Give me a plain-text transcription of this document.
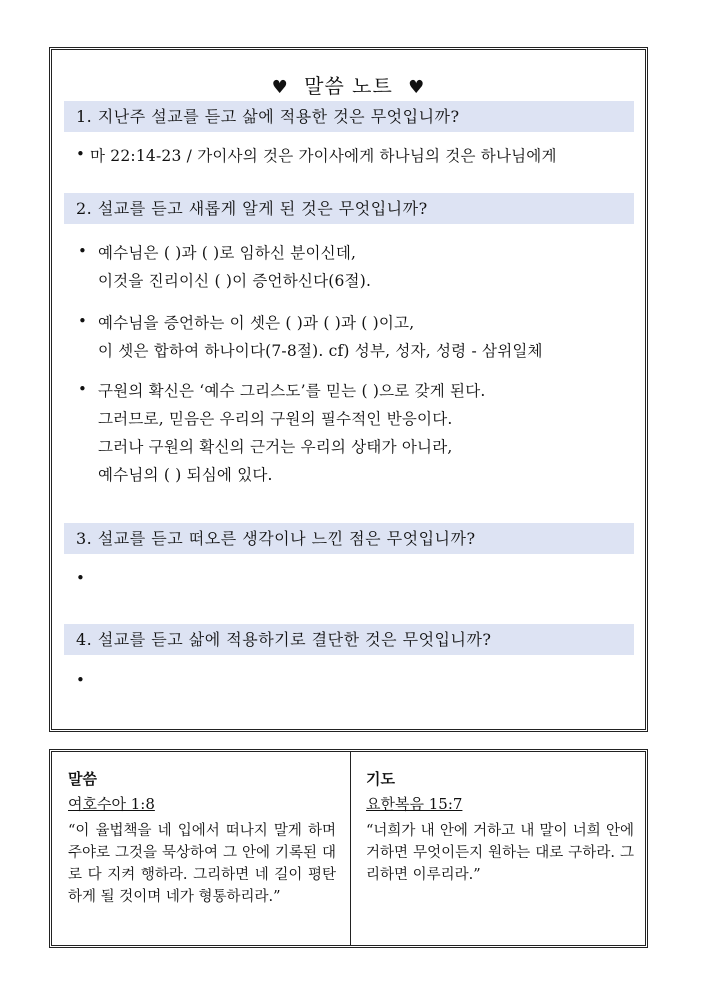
♥ 말씀 노트 ♥
1. 지난주 설교를 듣고 삶에 적용한 것은 무엇입니까?
• 마 22:14-23 / 가이사의 것은 가이사에게 하나님의 것은 하나님에게
2. 설교를 듣고 새롭게 알게 된 것은 무엇입니까?
• 예수님은 ( )과 ( )로 임하신 분이신데,
이것을 진리이신 ( )이 증언하신다(6절).
• 예수님을 증언하는 이 셋은 ( )과 ( )과 ( )이고,
이 셋은 합하여 하나이다(7-8절). cf) 성부, 성자, 성령 - 삼위일체
• 구원의 확신은 ‘예수 그리스도’를 믿는 ( )으로 갖게 된다.
그러므로, 믿음은 우리의 구원의 필수적인 반응이다.
그러나 구원의 확신의 근거는 우리의 상태가 아니라,
예수님의 ( ) 되심에 있다.
3. 설교를 듣고 떠오른 생각이나 느낀 점은 무엇입니까?
•
4. 설교를 듣고 삶에 적용하기로 결단한 것은 무엇입니까?
•

말씀

여호수아 1:8

“이 율법책을 네 입에서 떠나지 말게 하며 주야로 그것을 묵상하여 그 안에 기록된 대로 다 지켜 행하라. 그리하면 네 길이 평탄하게 될 것이며 네가 형통하리라.”

기도

요한복음 15:7

“너희가 내 안에 거하고 내 말이 너희 안에 거하면 무엇이든지 원하는 대로 구하라. 그리하면 이루리라.”
